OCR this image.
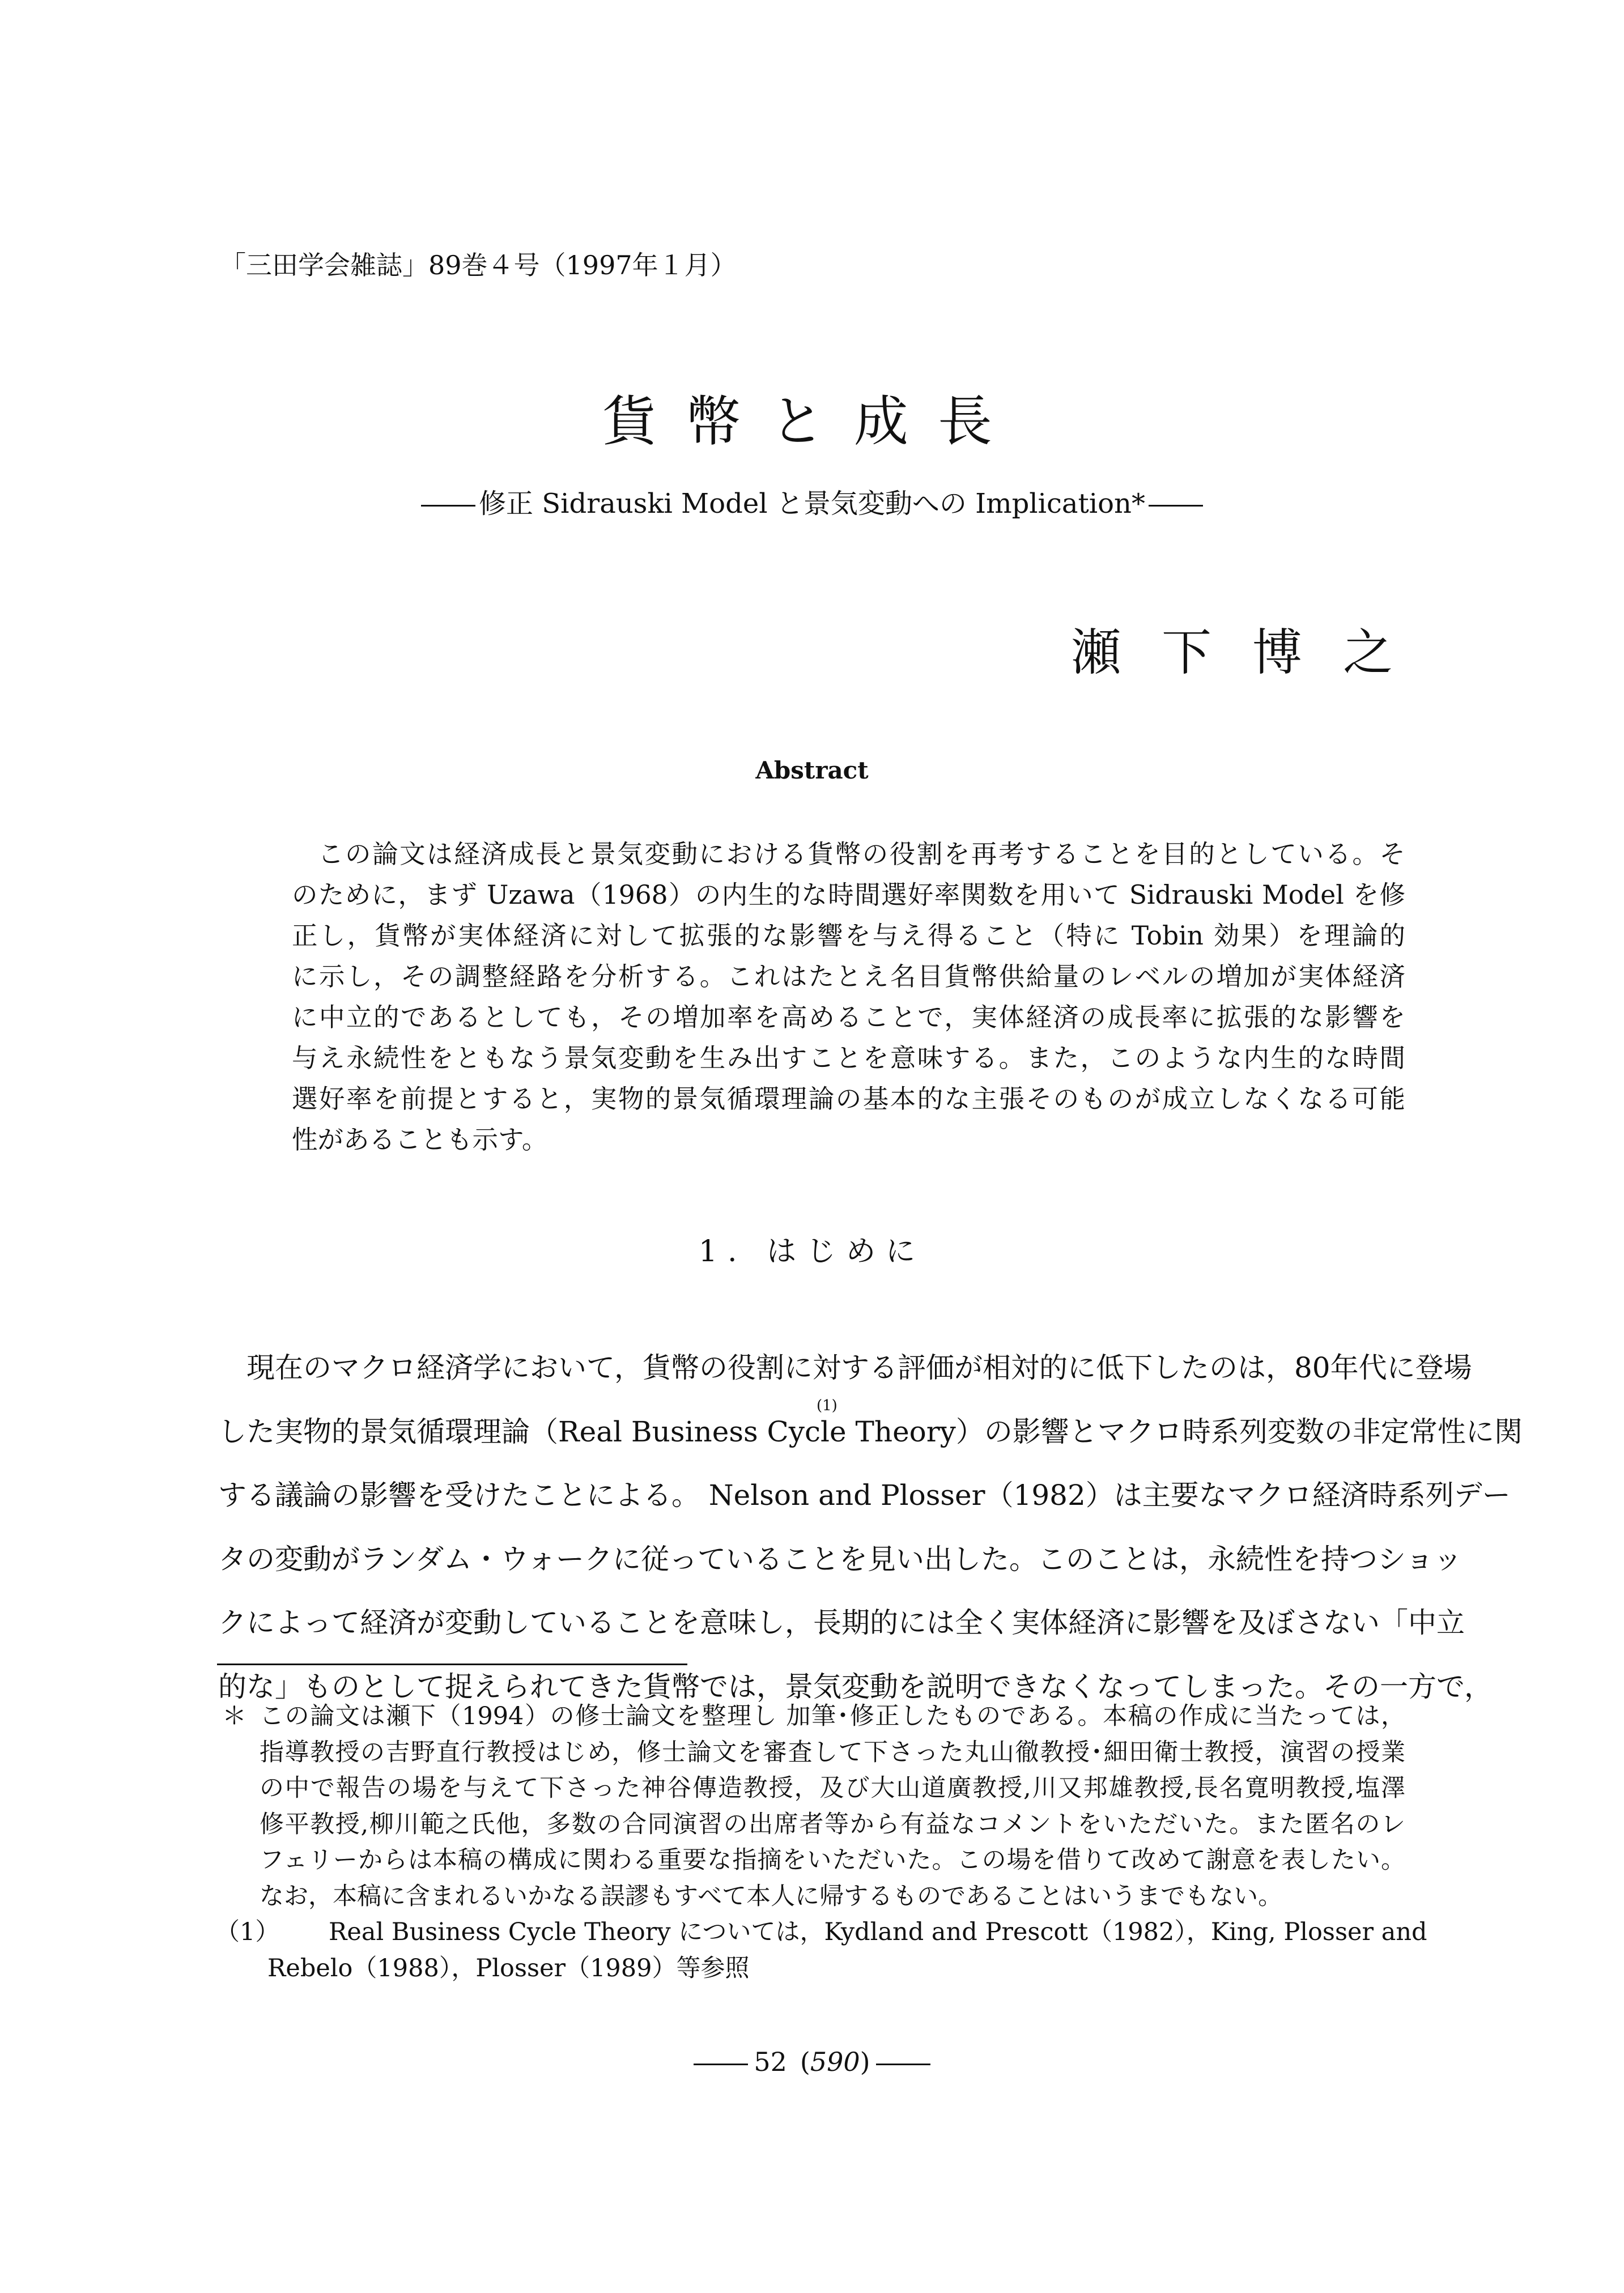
「三田学会雑誌」89巻４号（1997年１月）
貨幣と成長
修正 Sidrauski Model と景気変動への Implication*
瀬下博之
Abstract
この論文は経済成長と景気変動における貨幣の役割を再考することを目的としている。そ
のために，まず Uzawa（1968）の内生的な時間選好率関数を用いて Sidrauski Model を修
正し，貨幣が実体経済に対して拡張的な影響を与え得ること（特に Tobin 効果）を理論的
に示し，その調整経路を分析する。これはたとえ名目貨幣供給量のレベルの増加が実体経済
に中立的であるとしても，その増加率を高めることで，実体経済の成長率に拡張的な影響を
与え永続性をともなう景気変動を生み出すことを意味する。また，このような内生的な時間
選好率を前提とすると，実物的景気循環理論の基本的な主張そのものが成立しなくなる可能
性があることも示す。
1. はじめに
現在のマクロ経済学において，貨幣の役割に対する評価が相対的に低下したのは，80年代に登場
した実物的景気循環理論（Real Business Cycle Theory）の影響とマクロ時系列変数の非定常性に関
(1)
する議論の影響を受けたことによる。 Nelson and Plosser（1982）は主要なマクロ経済時系列デー
タの変動がランダム・ウォークに従っていることを見い出した。このことは，永続性を持つショッ
クによって経済が変動していることを意味し，長期的には全く実体経済に影響を及ぼさない「中立
的な」ものとして捉えられてきた貨幣では，景気変動を説明できなくなってしまった。その一方で，
＊ この論文は瀬下（1994）の修士論文を整理し 加筆･修正したものである。本稿の作成に当たっては，
指導教授の吉野直行教授はじめ，修士論文を審査して下さった丸山徹教授･細田衛士教授，演習の授業
の中で報告の場を与えて下さった神谷傳造教授，及び大山道廣教授,川又邦雄教授,長名寛明教授,塩澤
修平教授,柳川範之氏他，多数の合同演習の出席者等から有益なコメントをいただいた。また匿名のレ
フェリーからは本稿の構成に関わる重要な指摘をいただいた。この場を借りて改めて謝意を表したい。
なお，本稿に含まれるいかなる誤謬もすべて本人に帰するものであることはいうまでもない。
（1） Real Business Cycle Theory については，Kydland and Prescott（1982），King, Plosser and
Rebelo（1988），Plosser（1989）等参照
52 (590)
